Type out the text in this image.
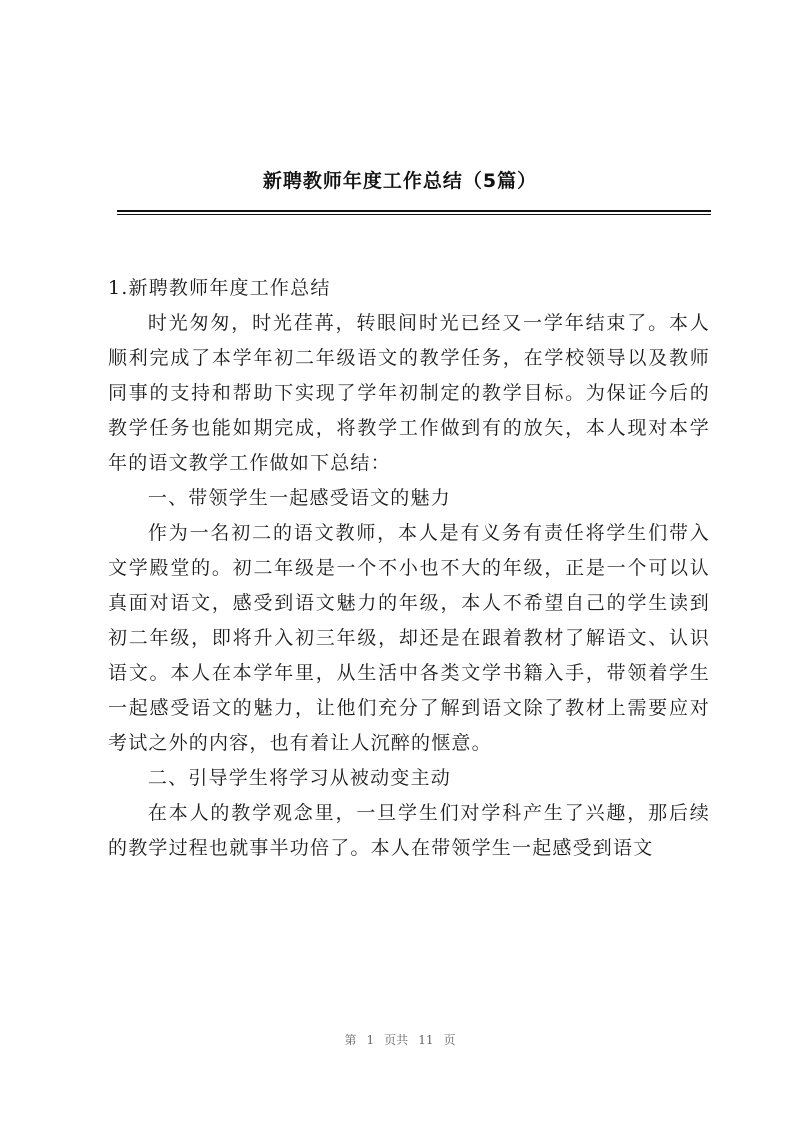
新聘教师年度工作总结（5篇）

1.新聘教师年度工作总结

时光匆匆，时光荏苒，转眼间时光已经又一学年结束了。本人顺利完成了本学年初二年级语文的教学任务，在学校领导以及教师同事的支持和帮助下实现了学年初制定的教学目标。为保证今后的教学任务也能如期完成，将教学工作做到有的放矢，本人现对本学年的语文教学工作做如下总结：

一、带领学生一起感受语文的魅力

作为一名初二的语文教师，本人是有义务有责任将学生们带入文学殿堂的。初二年级是一个不小也不大的年级，正是一个可以认真面对语文，感受到语文魅力的年级，本人不希望自己的学生读到初二年级，即将升入初三年级，却还是在跟着教材了解语文、认识语文。本人在本学年里，从生活中各类文学书籍入手，带领着学生一起感受语文的魅力，让他们充分了解到语文除了教材上需要应对考试之外的内容，也有着让人沉醉的惬意。

二、引导学生将学习从被动变主动

在本人的教学观念里，一旦学生们对学科产生了兴趣，那后续的教学过程也就事半功倍了。本人在带领学生一起感受到语文

第 1 页共 11 页
